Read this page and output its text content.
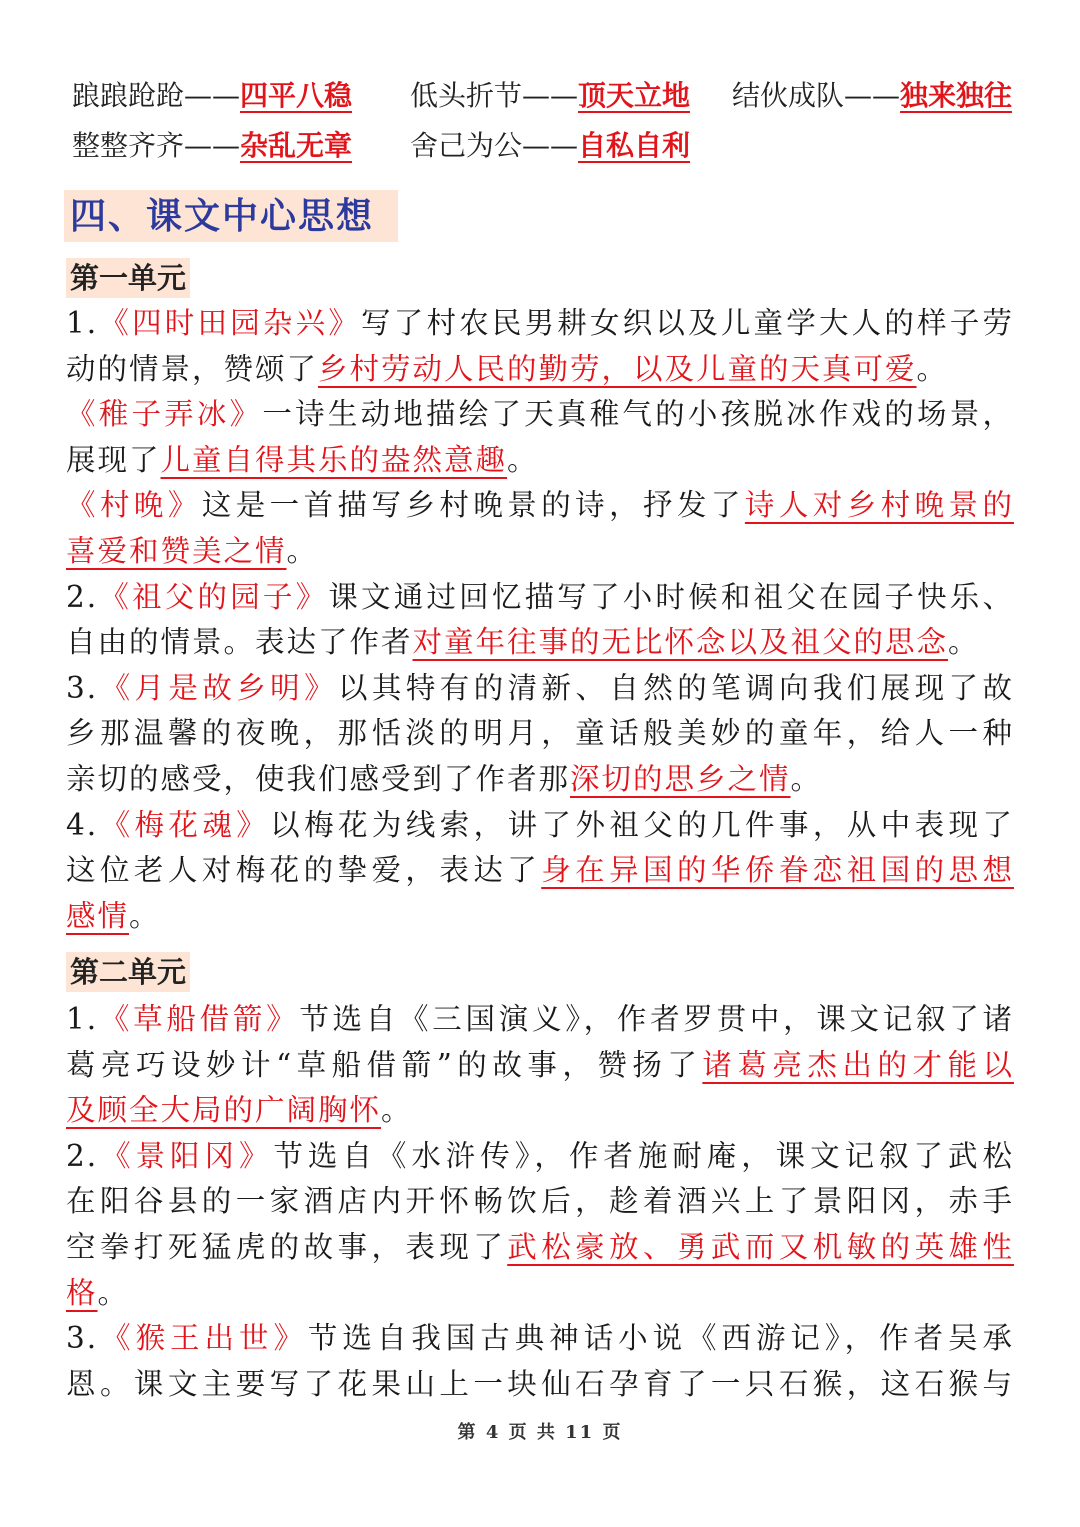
踉踉跄跄——四平八稳 低头折节——顶天立地 结伙成队——独来独往
整整齐齐——杂乱无章 舍己为公——自私自利
四、课文中心思想
第一单元
1.《四时田园杂兴》写了村农民男耕女织以及儿童学大人的样子劳
动的情景，赞颂了乡村劳动人民的勤劳，以及儿童的天真可爱。
《稚子弄冰》一诗生动地描绘了天真稚气的小孩脱冰作戏的场景，
展现了儿童自得其乐的盎然意趣。
《村晚》这是一首描写乡村晚景的诗，抒发了诗人对乡村晚景的
喜爱和赞美之情。
2.《祖父的园子》课文通过回忆描写了小时候和祖父在园子快乐、
自由的情景。表达了作者对童年往事的无比怀念以及祖父的思念。
3.《月是故乡明》以其特有的清新、自然的笔调向我们展现了故
乡那温馨的夜晚，那恬淡的明月，童话般美妙的童年，给人一种
亲切的感受，使我们感受到了作者那深切的思乡之情。
4.《梅花魂》以梅花为线索，讲了外祖父的几件事，从中表现了
这位老人对梅花的挚爱，表达了身在异国的华侨眷恋祖国的思想
感情。
第二单元
1.《草船借箭》节选自《三国演义》，作者罗贯中，课文记叙了诸
葛亮巧设妙计“草船借箭”的故事，赞扬了诸葛亮杰出的才能以
及顾全大局的广阔胸怀。
2.《景阳冈》节选自《水浒传》，作者施耐庵，课文记叙了武松
在阳谷县的一家酒店内开怀畅饮后，趁着酒兴上了景阳冈，赤手
空拳打死猛虎的故事，表现了武松豪放、勇武而又机敏的英雄性
格。
3.《猴王出世》节选自我国古典神话小说《西游记》，作者吴承
恩。课文主要写了花果山上一块仙石孕育了一只石猴，这石猴与
第 4 页 共 11 页
